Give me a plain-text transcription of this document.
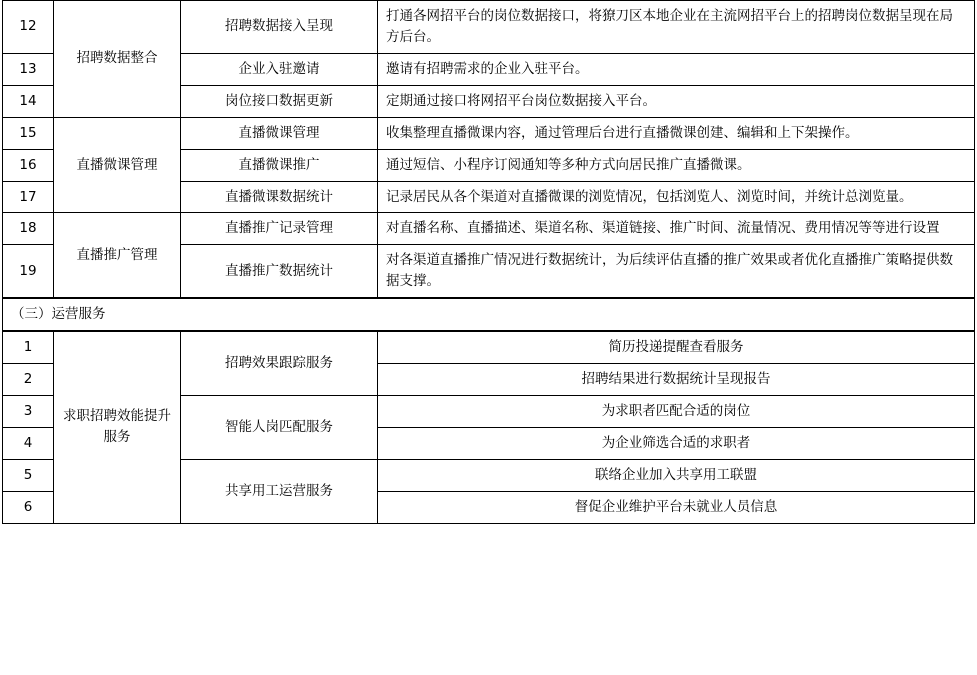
12	招聘数据整合	招聘数据接入呈现	打通各网招平台的岗位数据接口，将獠刀区本地企业在主流网招平台上的招聘岗位数据呈现在局方后台。
13		企业入驻邀请	邀请有招聘需求的企业入驻平台。
14		岗位接口数据更新	定期通过接口将网招平台岗位数据接入平台。
15	直播微课管理	直播微课管理	收集整理直播微课内容，通过管理后台进行直播微课创建、编辑和上下架操作。
16		直播微课推广	通过短信、小程序订阅通知等多种方式向居民推广直播微课。
17		直播微课数据统计	记录居民从各个渠道对直播微课的浏览情况，包括浏览人、浏览时间，并统计总浏览量。
18	直播推广管理	直播推广记录管理	对直播名称、直播描述、渠道名称、渠道链接、推广时间、流量情况、费用情况等等进行设置
19		直播推广数据统计	对各渠道直播推广情况进行数据统计，为后续评估直播的推广效果或者优化直播推广策略提供数据支撑。
（三）运营服务
1	求职招聘效能提升服务	招聘效果跟踪服务	简历投递提醒查看服务
2			招聘结果进行数据统计呈现报告
3		智能人岗匹配服务	为求职者匹配合适的岗位
4			为企业筛选合适的求职者
5		共享用工运营服务	联络企业加入共享用工联盟
6			督促企业维护平台未就业人员信息
